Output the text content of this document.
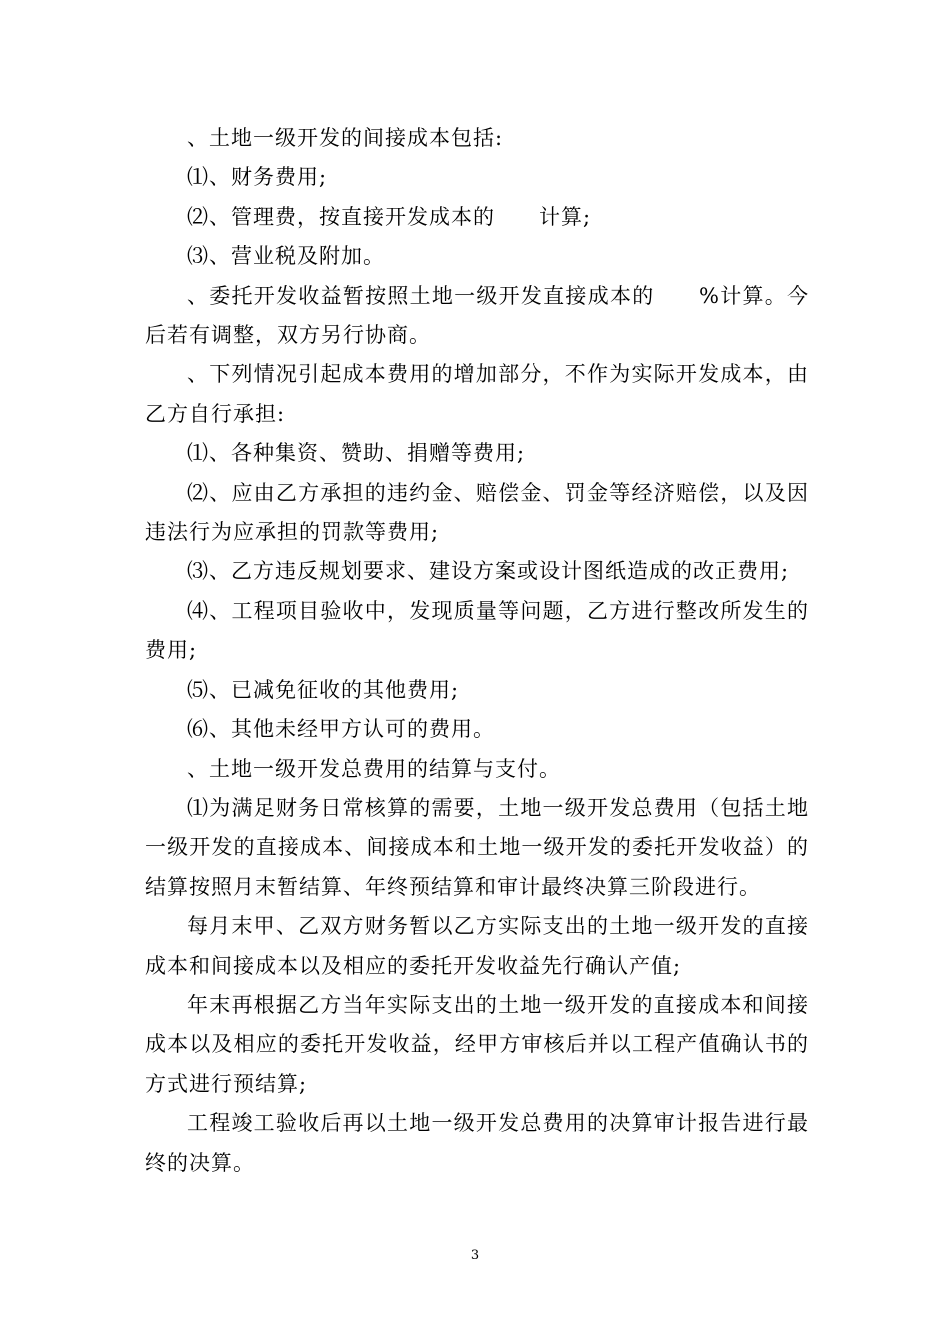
、土地一级开发的间接成本包括:

⑴、财务费用;

⑵、管理费，按直接开发成本的　　计算;

⑶、营业税及附加。

、委托开发收益暂按照土地一级开发直接成本的　　%计算。今后若有调整，双方另行协商。

、下列情况引起成本费用的增加部分，不作为实际开发成本，由乙方自行承担:

⑴、各种集资、赞助、捐赠等费用;

⑵、应由乙方承担的违约金、赔偿金、罚金等经济赔偿，以及因违法行为应承担的罚款等费用;

⑶、乙方违反规划要求、建设方案或设计图纸造成的改正费用;

⑷、工程项目验收中，发现质量等问题，乙方进行整改所发生的费用;

⑸、已减免征收的其他费用;

⑹、其他未经甲方认可的费用。

、土地一级开发总费用的结算与支付。

⑴为满足财务日常核算的需要，土地一级开发总费用（包括土地一级开发的直接成本、间接成本和土地一级开发的委托开发收益）的结算按照月末暂结算、年终预结算和审计最终决算三阶段进行。

每月末甲、乙双方财务暂以乙方实际支出的土地一级开发的直接成本和间接成本以及相应的委托开发收益先行确认产值;

年末再根据乙方当年实际支出的土地一级开发的直接成本和间接成本以及相应的委托开发收益，经甲方审核后并以工程产值确认书的方式进行预结算;

工程竣工验收后再以土地一级开发总费用的决算审计报告进行最终的决算。

3
